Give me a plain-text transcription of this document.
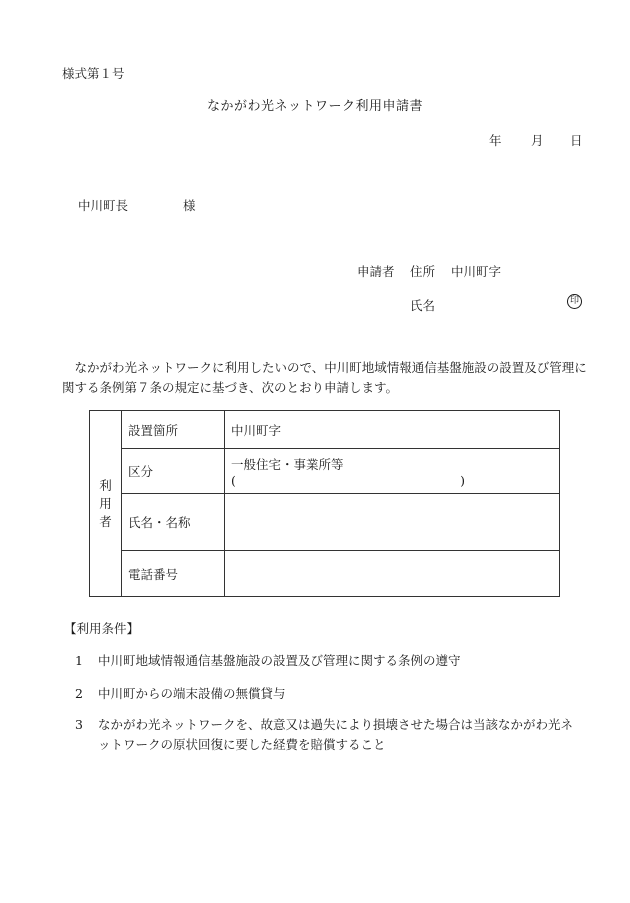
様式第１号
なかがわ光ネットワーク利用申請書
年 月 日
中川町長	様
申請者 住所 中川町字
氏名	印
なかがわ光ネットワークに利用したいので、中川町地域情報通信基盤施設の設置及び管理に関する条例第７条の規定に基づき、次のとおり申請します。
利
用
者	設置箇所	中川町字
	区分	一般住宅・事業所等
( )

	氏名・名称	
	電話番号	
【利用条件】
1 中川町地域情報通信基盤施設の設置及び管理に関する条例の遵守
2 中川町からの端末設備の無償貸与
3 なかがわ光ネットワークを、故意又は過失により損壊させた場合は当該なかがわ光ネットワークの原状回復に要した経費を賠償すること
